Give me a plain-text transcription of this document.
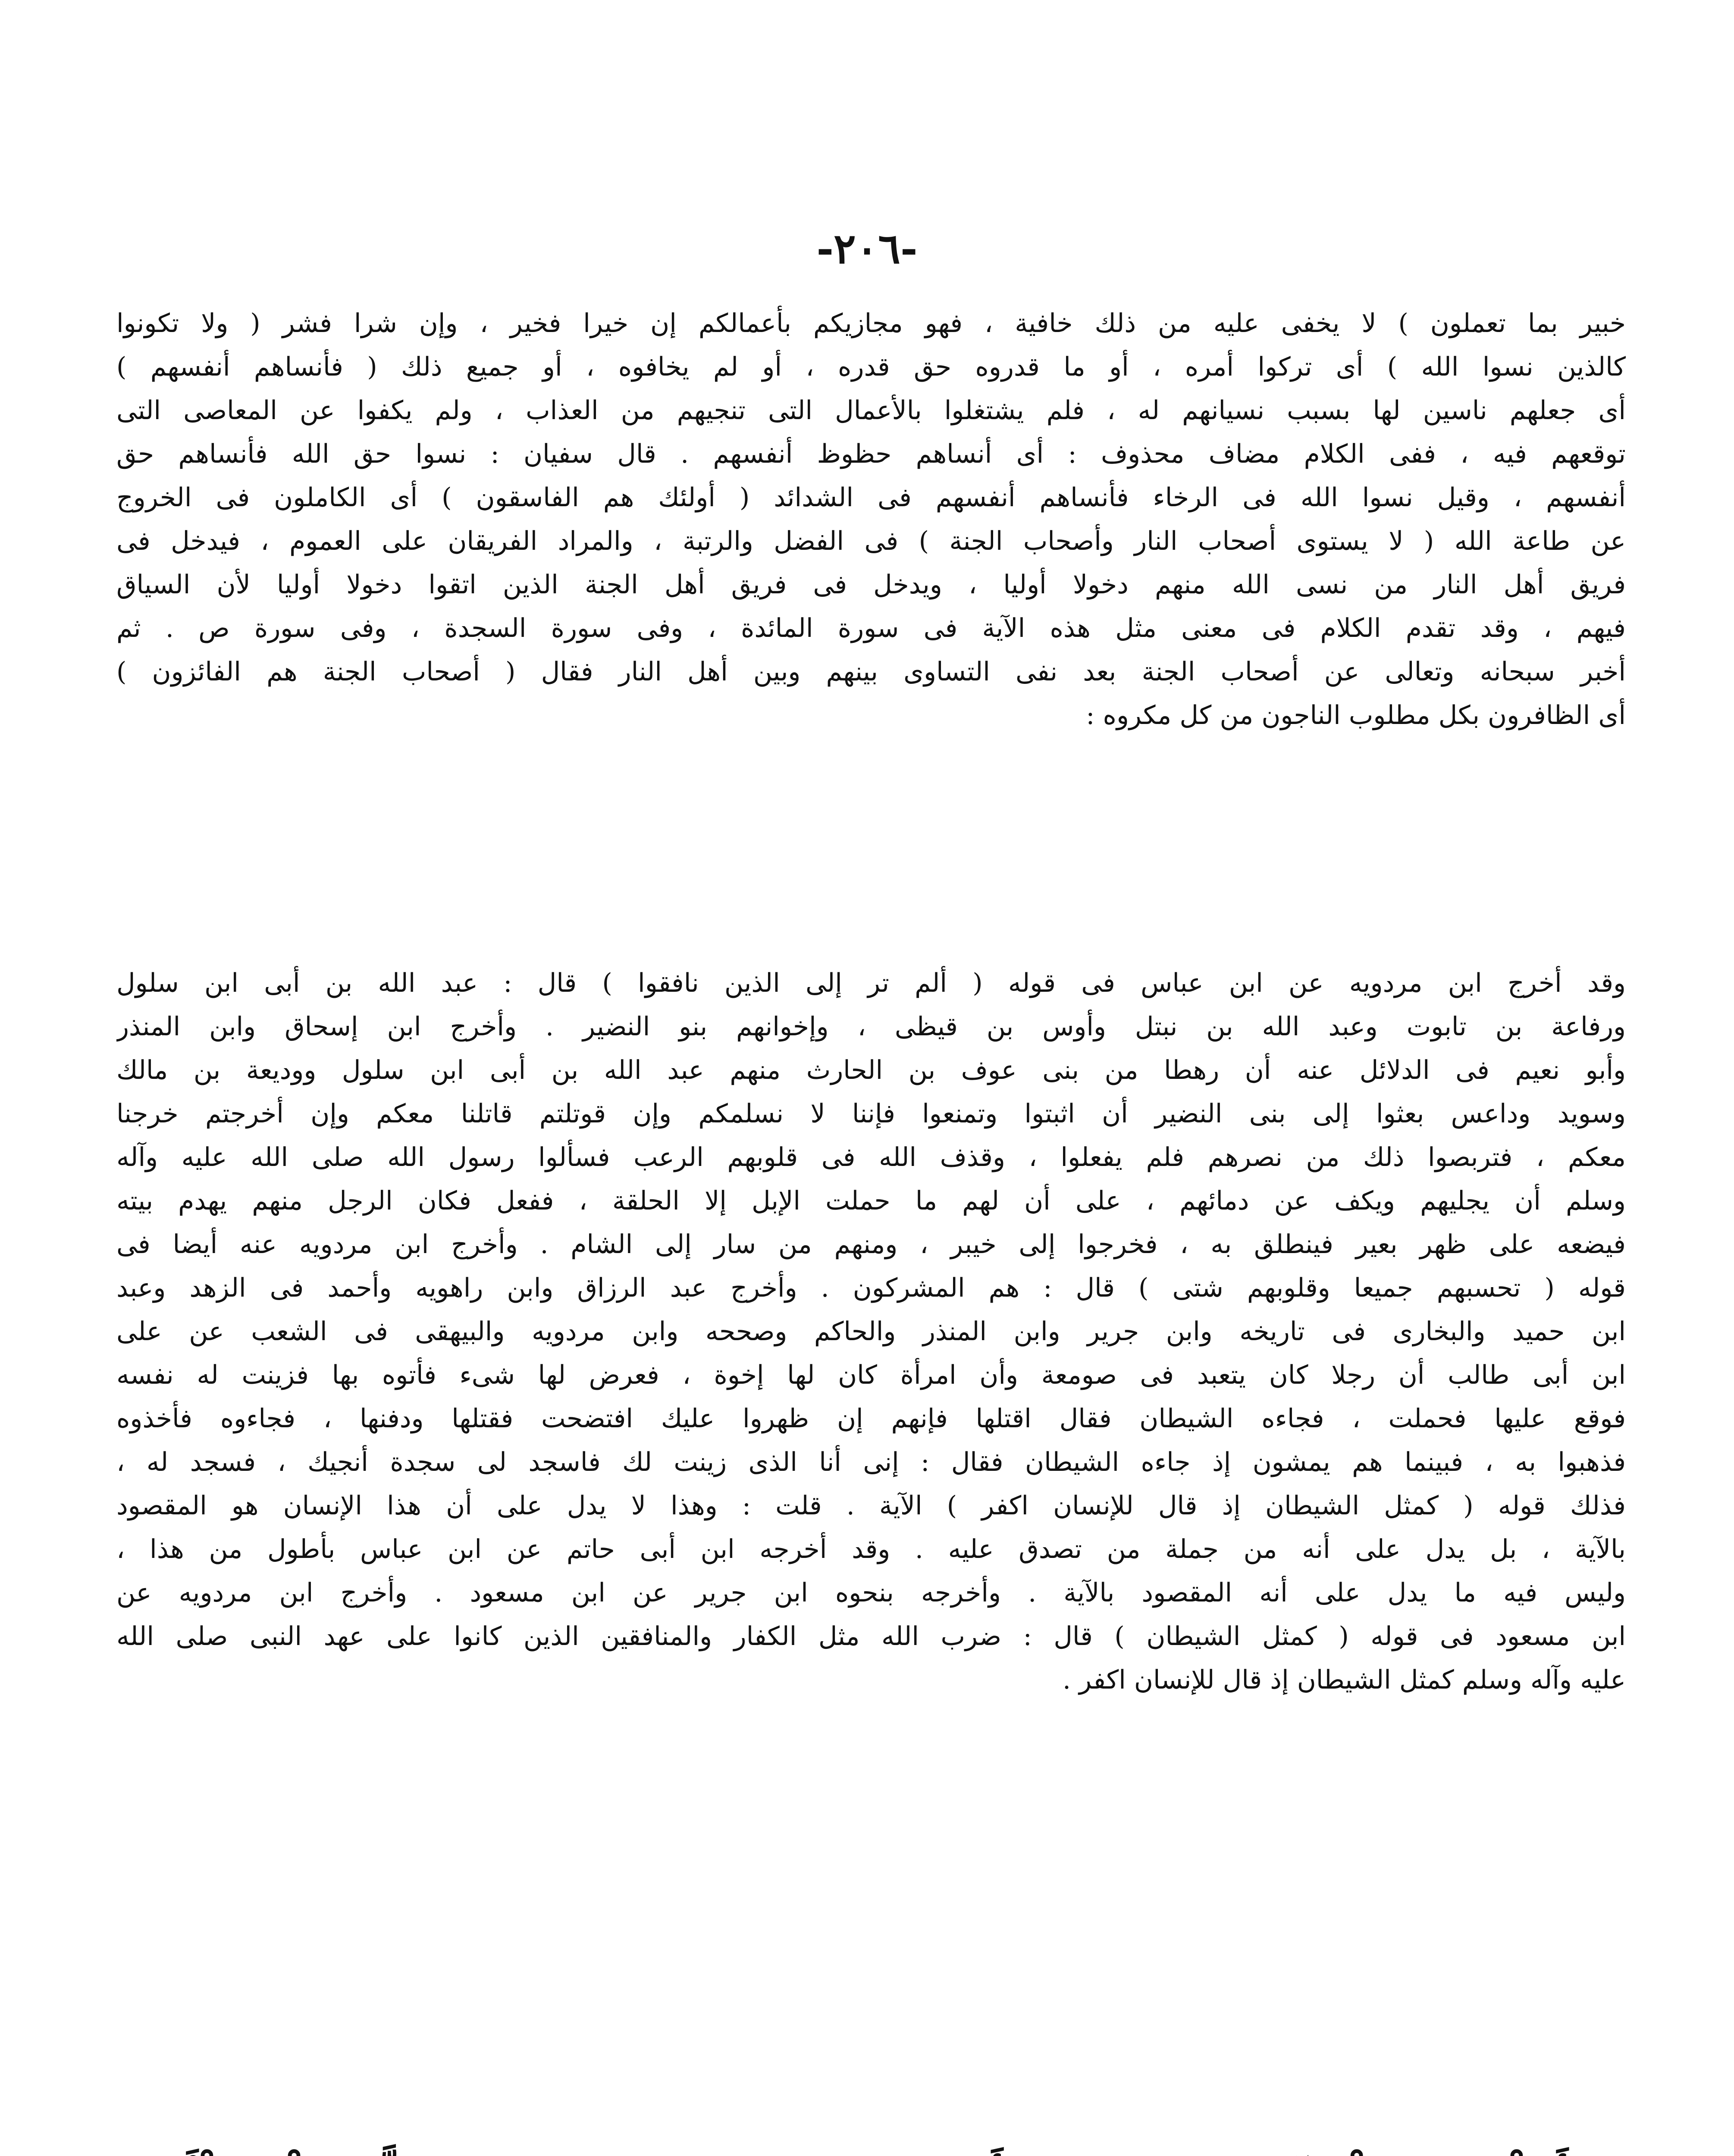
-٢٠٦-
خبير بما تعملون ) لا يخفى عليه من ذلك خافية ، فهو مجازيكم بأعمالكم إن خيرا فخير ، وإن شرا فشر ( ولا تكونوا
كالذين نسوا الله ) أى تركوا أمره ، أو ما قدروه حق قدره ، أو لم يخافوه ، أو جميع ذلك ( فأنساهم أنفسهم )
أى جعلهم ناسين لها بسبب نسيانهم له ، فلم يشتغلوا بالأعمال التى تنجيهم من العذاب ، ولم يكفوا عن المعاصى التى
توقعهم فيه ، ففى الكلام مضاف محذوف : أى أنساهم حظوظ أنفسهم . قال سفيان : نسوا حق الله فأنساهم حق
أنفسهم ، وقيل نسوا الله فى الرخاء فأنساهم أنفسهم فى الشدائد ( أولئك هم الفاسقون ) أى الكاملون فى الخروج
عن طاعة الله ( لا يستوى أصحاب النار وأصحاب الجنة ) فى الفضل والرتبة ، والمراد الفريقان على العموم ، فيدخل فى
فريق أهل النار من نسى الله منهم دخولا أوليا ، ويدخل فى فريق أهل الجنة الذين اتقوا دخولا أوليا لأن السياق
فيهم ، وقد تقدم الكلام فى معنى مثل هذه الآية فى سورة المائدة ، وفى سورة السجدة ، وفى سورة ص . ثم
أخبر سبحانه وتعالى عن أصحاب الجنة بعد نفى التساوى بينهم وبين أهل النار فقال ( أصحاب الجنة هم الفائزون )
أى الظافرون بكل مطلوب الناجون من كل مكروه :
وقد أخرج ابن مردويه عن ابن عباس فى قوله ( ألم تر إلى الذين نافقوا ) قال : عبد الله بن أبى ابن سلول
ورفاعة بن تابوت وعبد الله بن نبتل وأوس بن قيظى ، وإخوانهم بنو النضير . وأخرج ابن إسحاق وابن المنذر
وأبو نعيم فى الدلائل عنه أن رهطا من بنى عوف بن الحارث منهم عبد الله بن أبى ابن سلول ووديعة بن مالك
وسويد وداعس بعثوا إلى بنى النضير أن اثبتوا وتمنعوا فإننا لا نسلمكم وإن قوتلتم قاتلنا معكم وإن أخرجتم خرجنا
معكم ، فتربصوا ذلك من نصرهم فلم يفعلوا ، وقذف الله فى قلوبهم الرعب فسألوا رسول الله صلى الله عليه وآله
وسلم أن يجليهم ويكف عن دمائهم ، على أن لهم ما حملت الإبل إلا الحلقة ، ففعل فكان الرجل منهم يهدم بيته
فيضعه على ظهر بعير فينطلق به ، فخرجوا إلى خيبر ، ومنهم من سار إلى الشام . وأخرج ابن مردويه عنه أيضا فى
قوله ( تحسبهم جميعا وقلوبهم شتى ) قال : هم المشركون . وأخرج عبد الرزاق وابن راهويه وأحمد فى الزهد وعبد
ابن حميد والبخارى فى تاريخه وابن جرير وابن المنذر والحاكم وصححه وابن مردويه والبيهقى فى الشعب عن على
ابن أبى طالب أن رجلا كان يتعبد فى صومعة وأن امرأة كان لها إخوة ، فعرض لها شىء فأتوه بها فزينت له نفسه
فوقع عليها فحملت ، فجاءه الشيطان فقال اقتلها فإنهم إن ظهروا عليك افتضحت فقتلها ودفنها ، فجاءوه فأخذوه
فذهبوا به ، فبينما هم يمشون إذ جاءه الشيطان فقال : إنى أنا الذى زينت لك فاسجد لى سجدة أنجيك ، فسجد له ،
فذلك قوله ( كمثل الشيطان إذ قال للإنسان اكفر ) الآية . قلت : وهذا لا يدل على أن هذا الإنسان هو المقصود
بالآية ، بل يدل على أنه من جملة من تصدق عليه . وقد أخرجه ابن أبى حاتم عن ابن عباس بأطول من هذا ،
وليس فيه ما يدل على أنه المقصود بالآية . وأخرجه بنحوه ابن جرير عن ابن مسعود . وأخرج ابن مردويه عن
ابن مسعود فى قوله ( كمثل الشيطان ) قال : ضرب الله مثل الكفار والمنافقين الذين كانوا على عهد النبى صلى الله
عليه وآله وسلم كمثل الشيطان إذ قال للإنسان اكفر .
